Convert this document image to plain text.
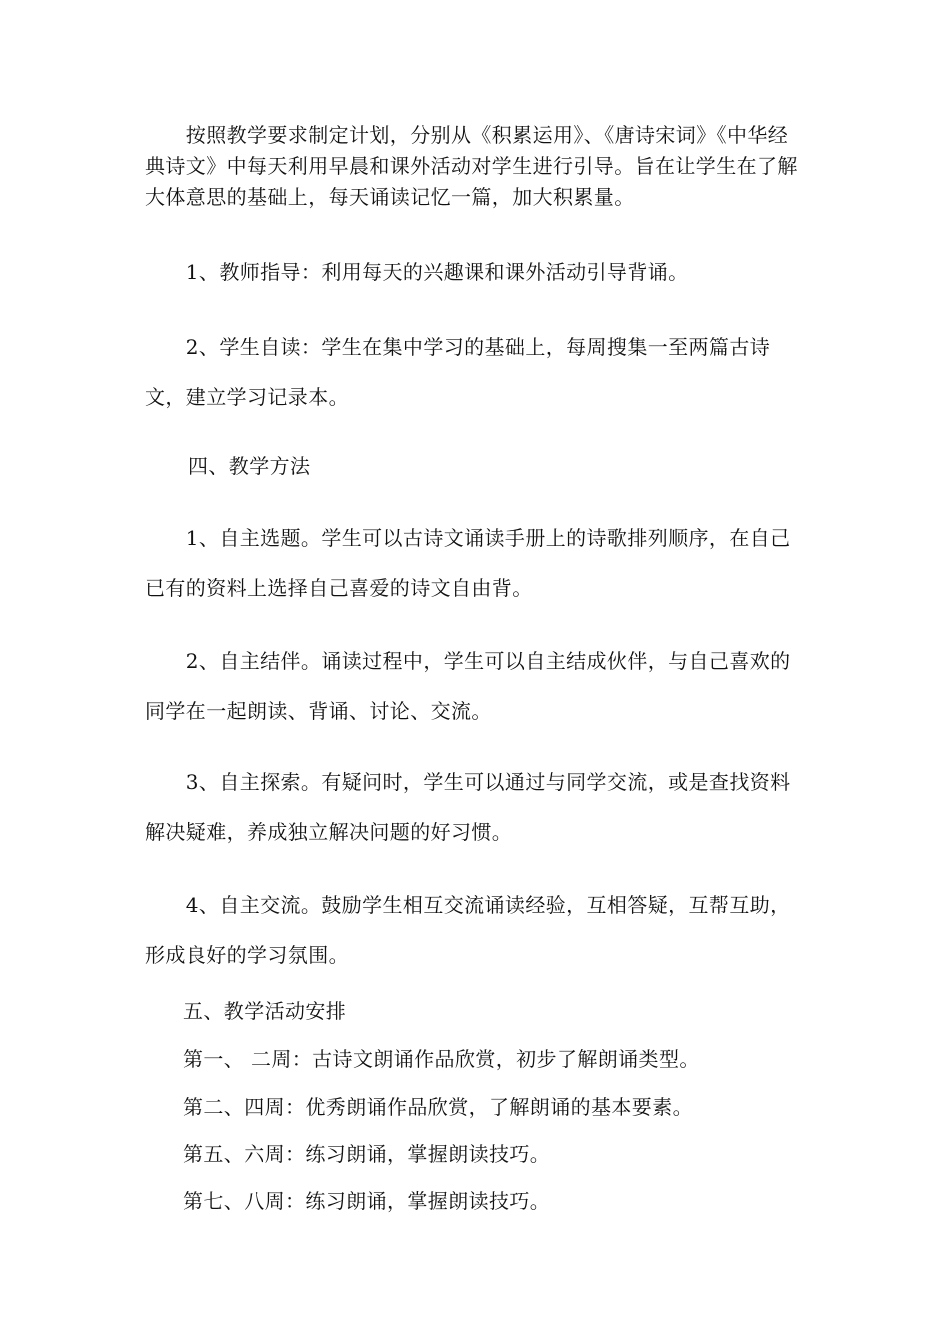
　　按照教学要求制定计划，分别从《积累运用》、《唐诗宋词》《中华经典诗文》中每天利用早晨和课外活动对学生进行引导。旨在让学生在了解大体意思的基础上，每天诵读记忆一篇，加大积累量。

　　1、教师指导：利用每天的兴趣课和课外活动引导背诵。

　　2、学生自读：学生在集中学习的基础上，每周搜集一至两篇古诗文，建立学习记录本。

四、教学方法

　　1、自主选题。学生可以古诗文诵读手册上的诗歌排列顺序，在自己已有的资料上选择自己喜爱的诗文自由背。

　　2、自主结伴。诵读过程中，学生可以自主结成伙伴，与自己喜欢的同学在一起朗读、背诵、讨论、交流。

　　3、自主探索。有疑问时，学生可以通过与同学交流，或是查找资料解决疑难，养成独立解决问题的好习惯。

　　4、自主交流。鼓励学生相互交流诵读经验，互相答疑，互帮互助，形成良好的学习氛围。

五、教学活动安排

第一、 二周：古诗文朗诵作品欣赏，初步了解朗诵类型。

第二、四周：优秀朗诵作品欣赏，了解朗诵的基本要素。

第五、六周：练习朗诵，掌握朗读技巧。

第七、八周：练习朗诵，掌握朗读技巧。
